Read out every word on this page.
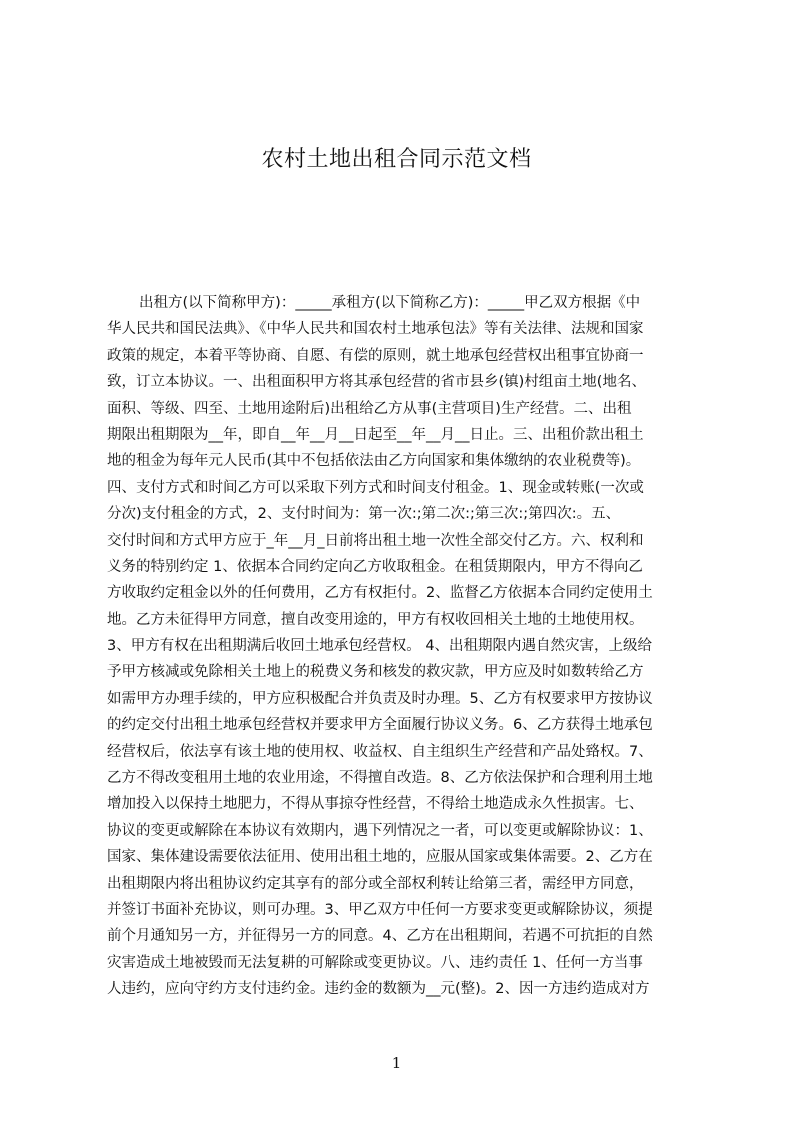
农村土地出租合同示范文档
出租方(以下简称甲方)：_____承租方(以下简称乙方)：_____甲乙双方根据《中
华人民共和国民法典》、《中华人民共和国农村土地承包法》等有关法律、法规和国家
政策的规定，本着平等协商、自愿、有偿的原则，就土地承包经营权出租事宜协商一
致，订立本协议。一、出租面积甲方将其承包经营的省市县乡(镇)村组亩土地(地名、
面积、等级、四至、土地用途附后)出租给乙方从事(主营项目)生产经营。二、出租
期限出租期限为__年，即自__年__月__日起至__年__月__日止。三、出租价款出租土
地的租金为每年元人民币(其中不包括依法由乙方向国家和集体缴纳的农业税费等)。
四、支付方式和时间乙方可以采取下列方式和时间支付租金。1、现金或转账(一次或
分次)支付租金的方式，2、支付时间为：第一次:;第二次:;第三次:;第四次:。五、
交付时间和方式甲方应于_年__月_日前将出租土地一次性全部交付乙方。六、权利和
义务的特别约定 1、依据本合同约定向乙方收取租金。在租赁期限内，甲方不得向乙
方收取约定租金以外的任何费用，乙方有权拒付。2、监督乙方依据本合同约定使用土
地。乙方未征得甲方同意，擅自改变用途的，甲方有权收回相关土地的土地使用权。
3、甲方有权在出租期满后收回土地承包经营权。 4、出租期限内遇自然灾害，上级给
予甲方核减或免除相关土地上的税费义务和核发的救灾款，甲方应及时如数转给乙方
如需甲方办理手续的，甲方应积极配合并负责及时办理。5、乙方有权要求甲方按协议
的约定交付出租土地承包经营权并要求甲方全面履行协议义务。6、乙方获得土地承包
经营权后，依法享有该土地的使用权、收益权、自主组织生产经营和产品处臵权。7、
乙方不得改变租用土地的农业用途，不得擅自改造。8、乙方依法保护和合理利用土地
增加投入以保持土地肥力，不得从事掠夺性经营，不得给土地造成永久性损害。七、
协议的变更或解除在本协议有效期内，遇下列情况之一者，可以变更或解除协议：1、
国家、集体建设需要依法征用、使用出租土地的，应服从国家或集体需要。2、乙方在
出租期限内将出租协议约定其享有的部分或全部权利转让给第三者，需经甲方同意，
并签订书面补充协议，则可办理。3、甲乙双方中任何一方要求变更或解除协议，须提
前个月通知另一方，并征得另一方的同意。4、乙方在出租期间，若遇不可抗拒的自然
灾害造成土地被毁而无法复耕的可解除或变更协议。八、违约责任 1、任何一方当事
人违约，应向守约方支付违约金。违约金的数额为__元(整)。2、因一方违约造成对方
1
